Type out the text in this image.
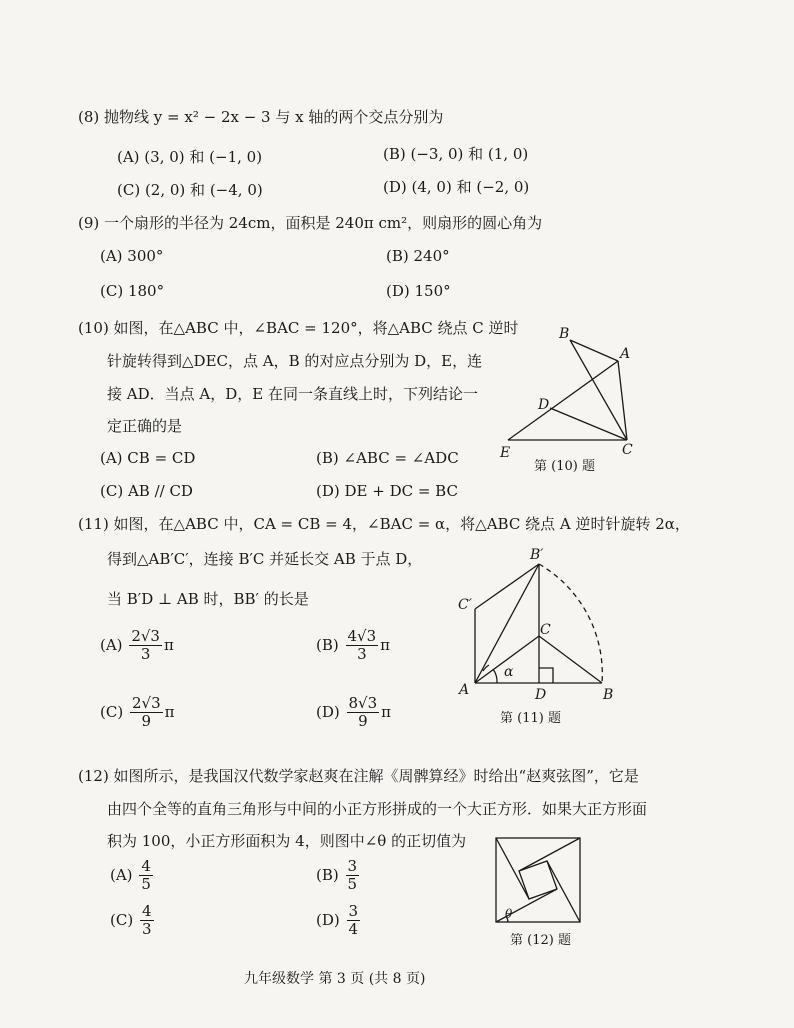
(8) 抛物线 y = x² − 2x − 3 与 x 轴的两个交点分别为
(A) (3, 0) 和 (−1, 0)	(B) (−3, 0) 和 (1, 0)
(C) (2, 0) 和 (−4, 0)	(D) (4, 0) 和 (−2, 0)
(9) 一个扇形的半径为 24cm，面积是 240π cm²，则扇形的圆心角为
(A) 300°	(B) 240°
(C) 180°	(D) 150°
(10) 如图，在△ABC 中，∠BAC = 120°，将△ABC 绕点 C 逆时
针旋转得到△DEC，点 A，B 的对应点分别为 D，E，连
接 AD．当点 A，D，E 在同一条直线上时，下列结论一
定正确的是
(A) CB = CD	(B) ∠ABC = ∠ADC
(C) AB // CD	(D) DE + DC = BC
B
A
D
E	C
第 (10) 题
(11) 如图，在△ABC 中，CA = CB = 4，∠BAC = α，将△ABC 绕点 A 逆时针旋转 2α，
得到△AB′C′，连接 B′C 并延长交 AB 于点 D，
当 B′D ⊥ AB 时，BB′ 的长是
$(A) \frac{2√3}{3}$ π	$(B) \frac{4√3}{3}$ π
$(C) \frac{2√3}{9}$ π	$(D) \frac{8√3}{9}$ π
B′
C′
C
α
A	D	B
第 (11) 题
(12) 如图所示，是我国汉代数学家赵爽在注解《周髀算经》时给出“赵爽弦图”，它是
由四个全等的直角三角形与中间的小正方形拼成的一个大正方形．如果大正方形面
积为 100，小正方形面积为 4，则图中∠θ 的正切值为
$(A) \frac{4}{5}$	$(B) \frac{3}{5}$
$(C) \frac{4}{3}$	$(D) \frac{3}{4}$	θ
第 (12) 题
九年级数学 第 3 页 (共 8 页)
